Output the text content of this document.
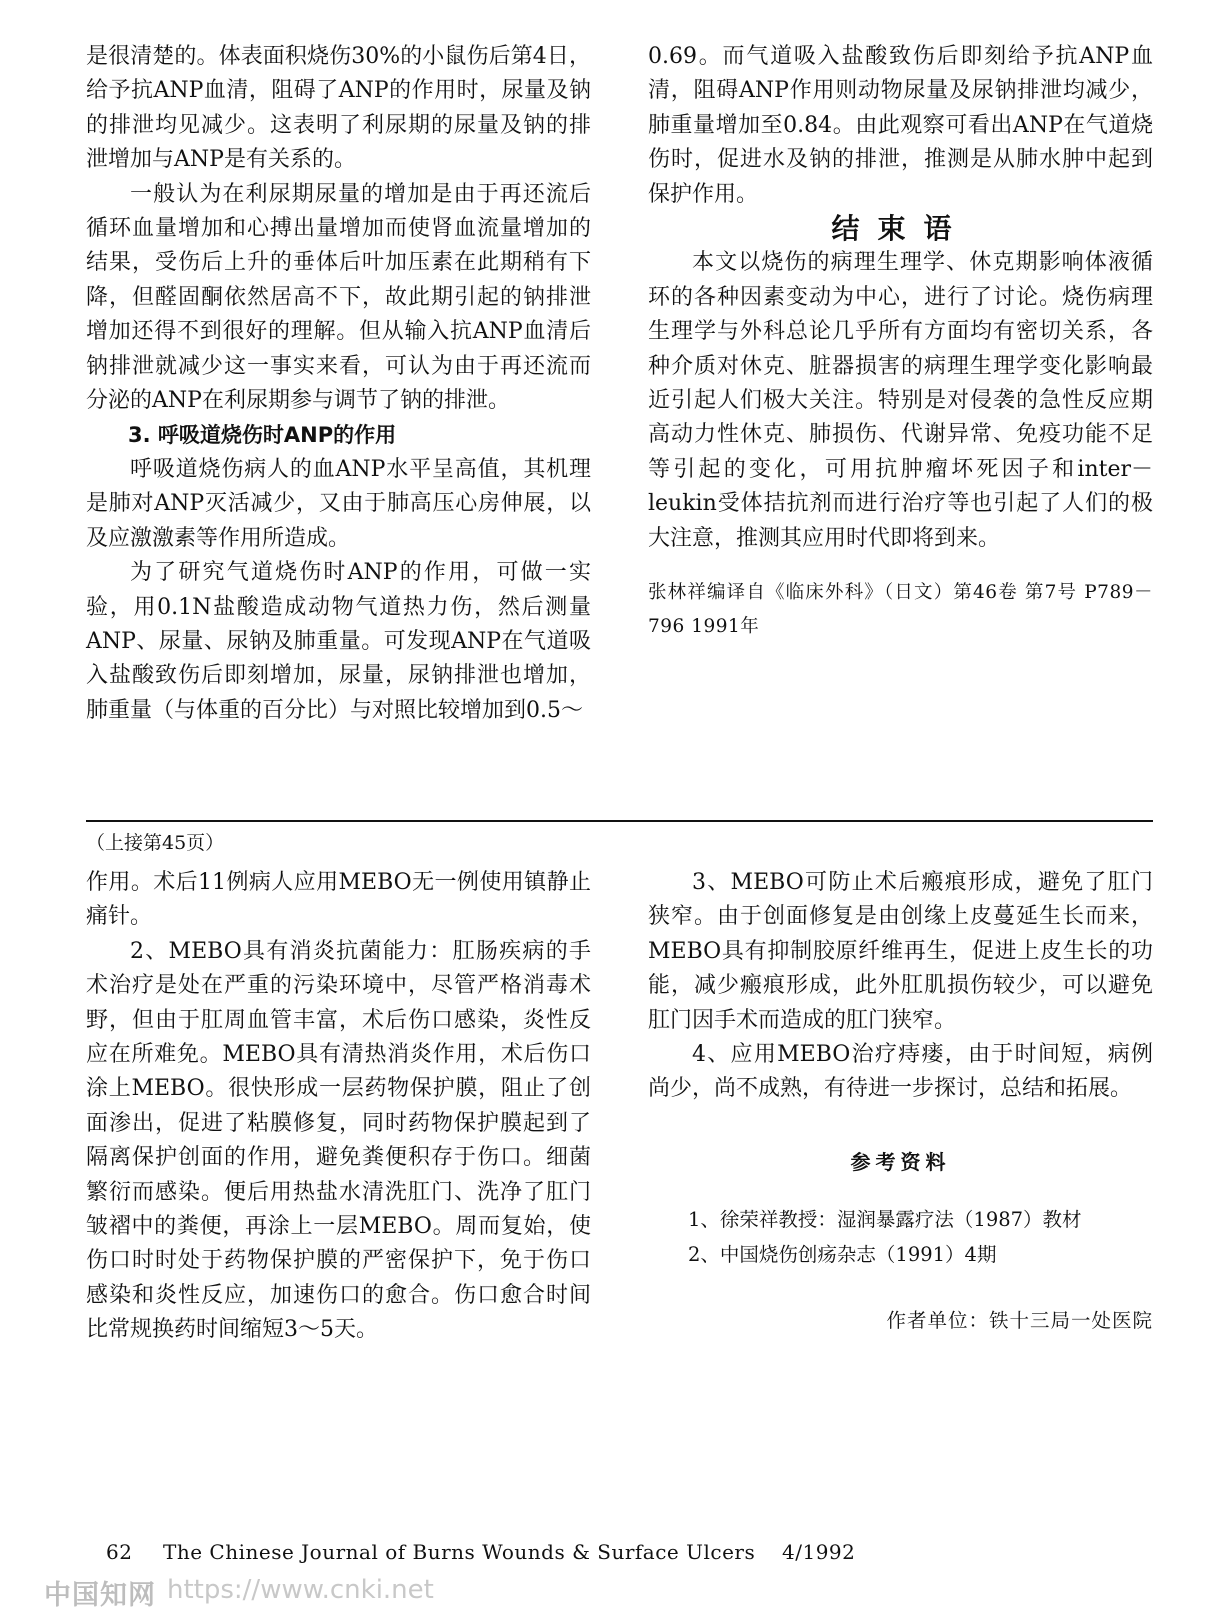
是很清楚的。体表面积烧伤30%的小鼠伤后第4日，给予抗ANP血清，阻碍了ANP的作用时，尿量及钠的排泄均见减少。这表明了利尿期的尿量及钠的排泄增加与ANP是有关系的。

一般认为在利尿期尿量的增加是由于再还流后循环血量增加和心搏出量增加而使肾血流量增加的结果，受伤后上升的垂体后叶加压素在此期稍有下降，但醛固酮依然居高不下，故此期引起的钠排泄增加还得不到很好的理解。但从输入抗ANP血清后钠排泄就减少这一事实来看，可认为由于再还流而分泌的ANP在利尿期参与调节了钠的排泄。

3. 呼吸道烧伤时ANP的作用

呼吸道烧伤病人的血ANP水平呈高值，其机理是肺对ANP灭活减少，又由于肺高压心房伸展，以及应激激素等作用所造成。

为了研究气道烧伤时ANP的作用，可做一实验，用0.1N盐酸造成动物气道热力伤，然后测量ANP、尿量、尿钠及肺重量。可发现ANP在气道吸入盐酸致伤后即刻增加，尿量，尿钠排泄也增加，肺重量（与体重的百分比）与对照比较增加到0.5～

0.69。而气道吸入盐酸致伤后即刻给予抗ANP血清，阻碍ANP作用则动物尿量及尿钠排泄均减少，肺重量增加至0.84。由此观察可看出ANP在气道烧伤时，促进水及钠的排泄，推测是从肺水肿中起到保护作用。

结束语

本文以烧伤的病理生理学、休克期影响体液循环的各种因素变动为中心，进行了讨论。烧伤病理生理学与外科总论几乎所有方面均有密切关系，各种介质对休克、脏器损害的病理生理学变化影响最近引起人们极大关注。特别是对侵袭的急性反应期高动力性休克、肺损伤、代谢异常、免疫功能不足等引起的变化，可用抗肿瘤坏死因子和inter－leukin受体拮抗剂而进行治疗等也引起了人们的极大注意，推测其应用时代即将到来。

张林祥编译自《临床外科》（日文）第46卷 第7号 P789－796 1991年

（上接第45页）

作用。术后11例病人应用MEBO无一例使用镇静止痛针。

2、MEBO具有消炎抗菌能力：肛肠疾病的手术治疗是处在严重的污染环境中，尽管严格消毒术野，但由于肛周血管丰富，术后伤口感染，炎性反应在所难免。MEBO具有清热消炎作用，术后伤口涂上MEBO。很快形成一层药物保护膜，阻止了创面渗出，促进了粘膜修复，同时药物保护膜起到了隔离保护创面的作用，避免粪便积存于伤口。细菌繁衍而感染。便后用热盐水清洗肛门、洗净了肛门皱褶中的粪便，再涂上一层MEBO。周而复始，使伤口时时处于药物保护膜的严密保护下，免于伤口感染和炎性反应，加速伤口的愈合。伤口愈合时间比常规换药时间缩短3～5天。

3、MEBO可防止术后瘢痕形成，避免了肛门狭窄。由于创面修复是由创缘上皮蔓延生长而来，MEBO具有抑制胶原纤维再生，促进上皮生长的功能，减少瘢痕形成，此外肛肌损伤较少，可以避免肛门因手术而造成的肛门狭窄。

4、应用MEBO治疗痔瘘，由于时间短，病例尚少，尚不成熟，有待进一步探讨，总结和拓展。

参考资料

1、徐荣祥教授：湿润暴露疗法（1987）教材

2、中国烧伤创疡杂志（1991）4期

作者单位：铁十三局一处医院

62 The Chinese Journal of Burns Wounds & Surface Ulcers 4/1992
中国知网 https://www.cnki.net
